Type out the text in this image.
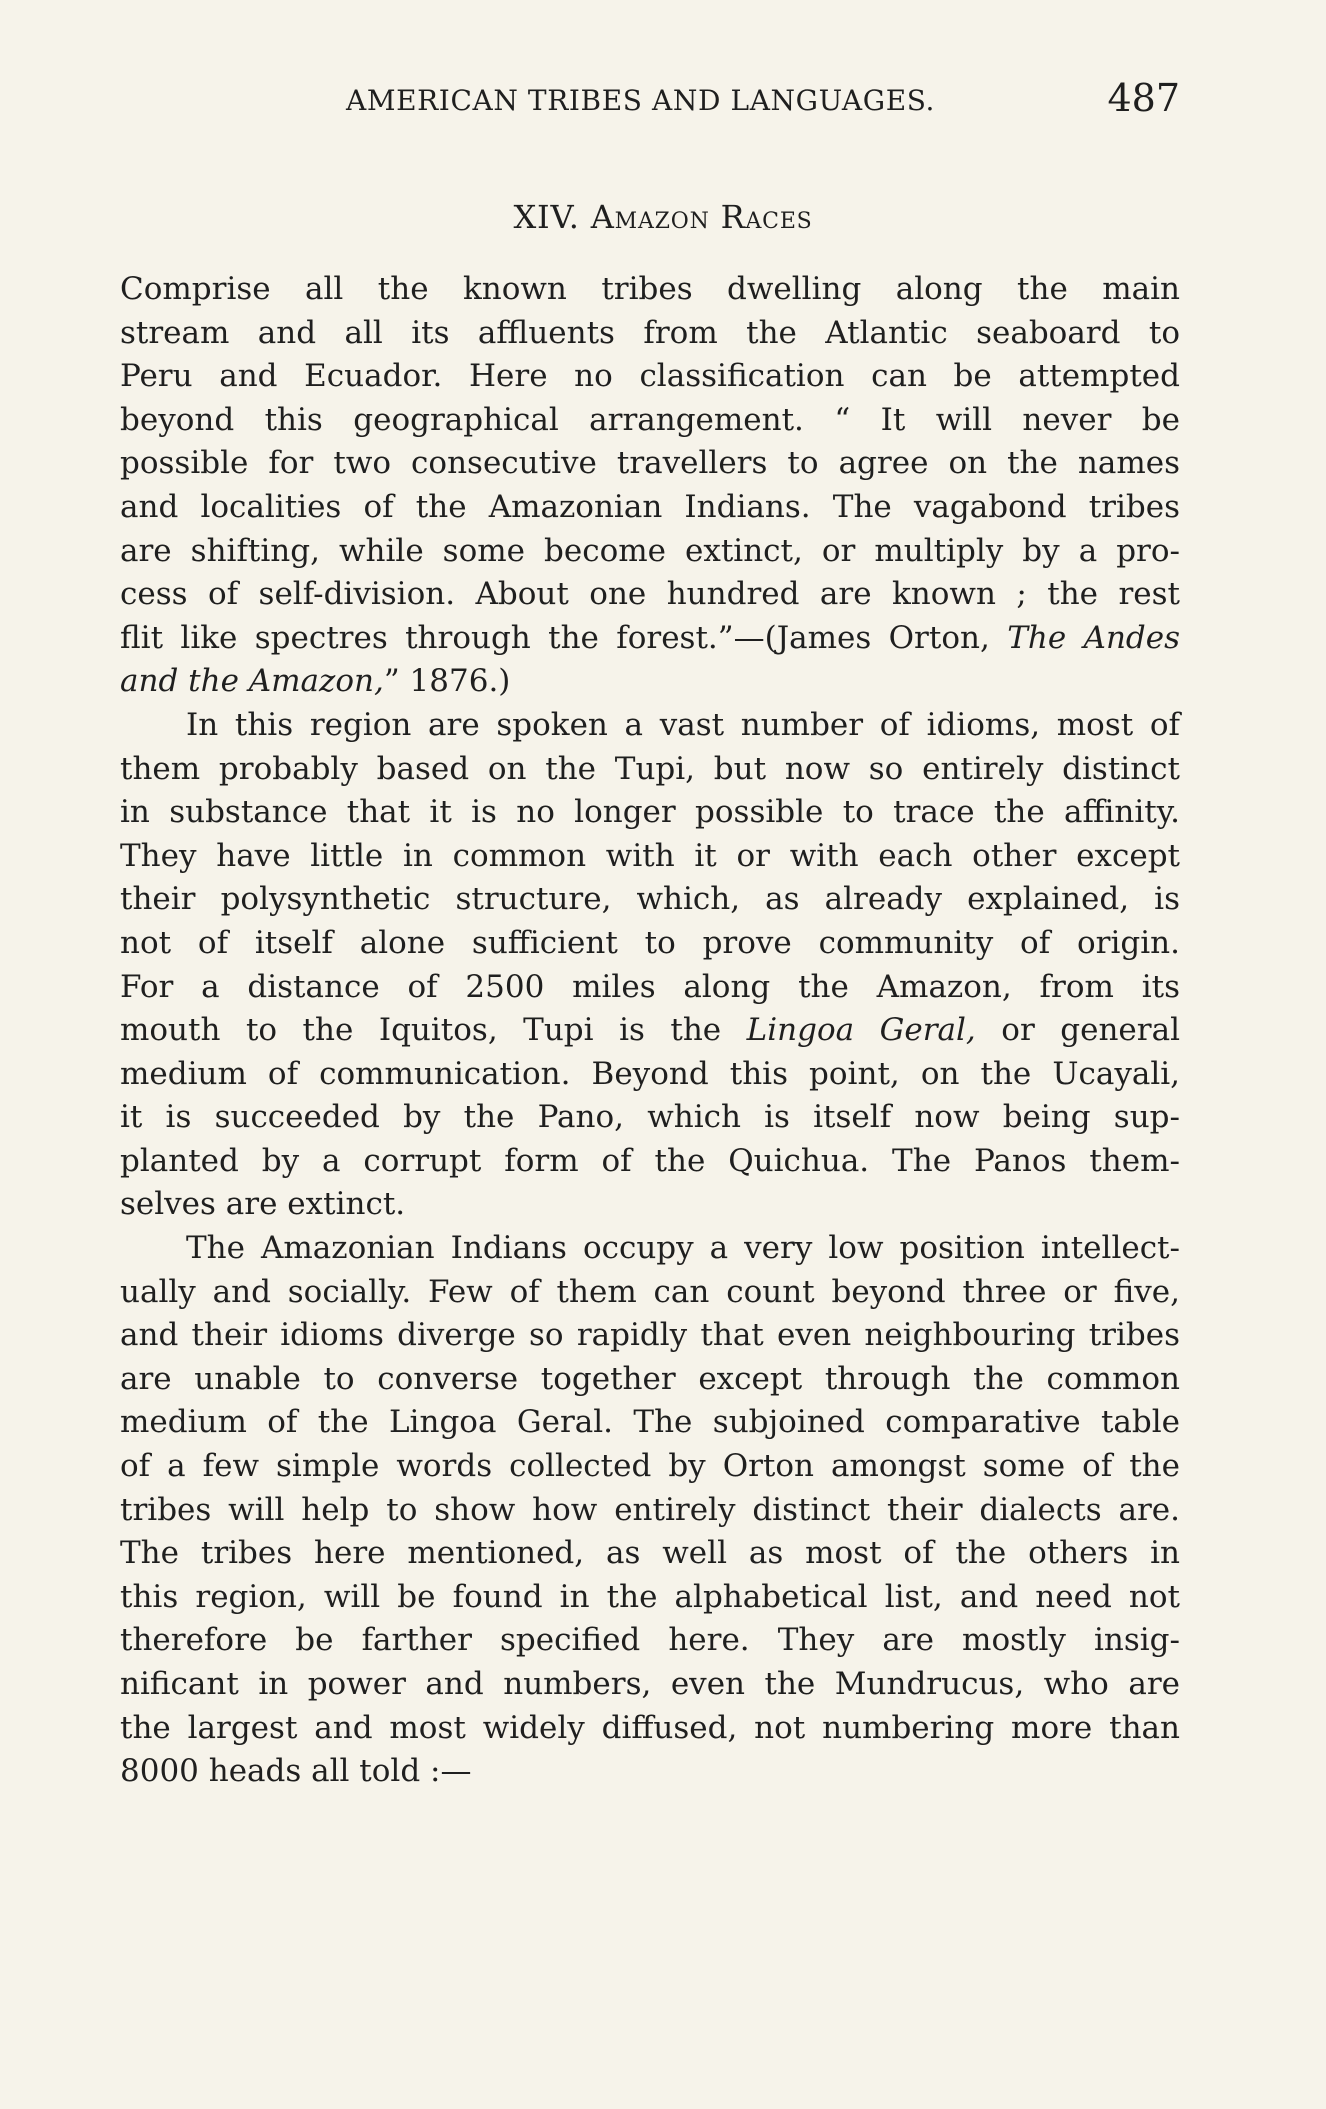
AMERICAN TRIBES AND LANGUAGES.	487
XIV. Amazon Races
Comprise all the known tribes dwelling along the main
stream and all its affluents from the Atlantic seaboard to
Peru and Ecuador. Here no classification can be attempted
beyond this geographical arrangement. “ It will never be
possible for two consecutive travellers to agree on the names
and localities of the Amazonian Indians. The vagabond tribes
are shifting, while some become extinct, or multiply by a pro-
cess of self-division. About one hundred are known ; the rest
flit like spectres through the forest.”—(James Orton, The Andes
and the Amazon,” 1876.)
In this region are spoken a vast number of idioms, most of
them probably based on the Tupi, but now so entirely distinct
in substance that it is no longer possible to trace the affinity.
They have little in common with it or with each other except
their polysynthetic structure, which, as already explained, is
not of itself alone sufficient to prove community of origin.
For a distance of 2500 miles along the Amazon, from its
mouth to the Iquitos, Tupi is the Lingoa Geral, or general
medium of communication. Beyond this point, on the Ucayali,
it is succeeded by the Pano, which is itself now being sup-
planted by a corrupt form of the Quichua. The Panos them-
selves are extinct.
The Amazonian Indians occupy a very low position intellect-
ually and socially. Few of them can count beyond three or five,
and their idioms diverge so rapidly that even neighbouring tribes
are unable to converse together except through the common
medium of the Lingoa Geral. The subjoined comparative table
of a few simple words collected by Orton amongst some of the
tribes will help to show how entirely distinct their dialects are.
The tribes here mentioned, as well as most of the others in
this region, will be found in the alphabetical list, and need not
therefore be farther specified here. They are mostly insig-
nificant in power and numbers, even the Mundrucus, who are
the largest and most widely diffused, not numbering more than
8000 heads all told :—
